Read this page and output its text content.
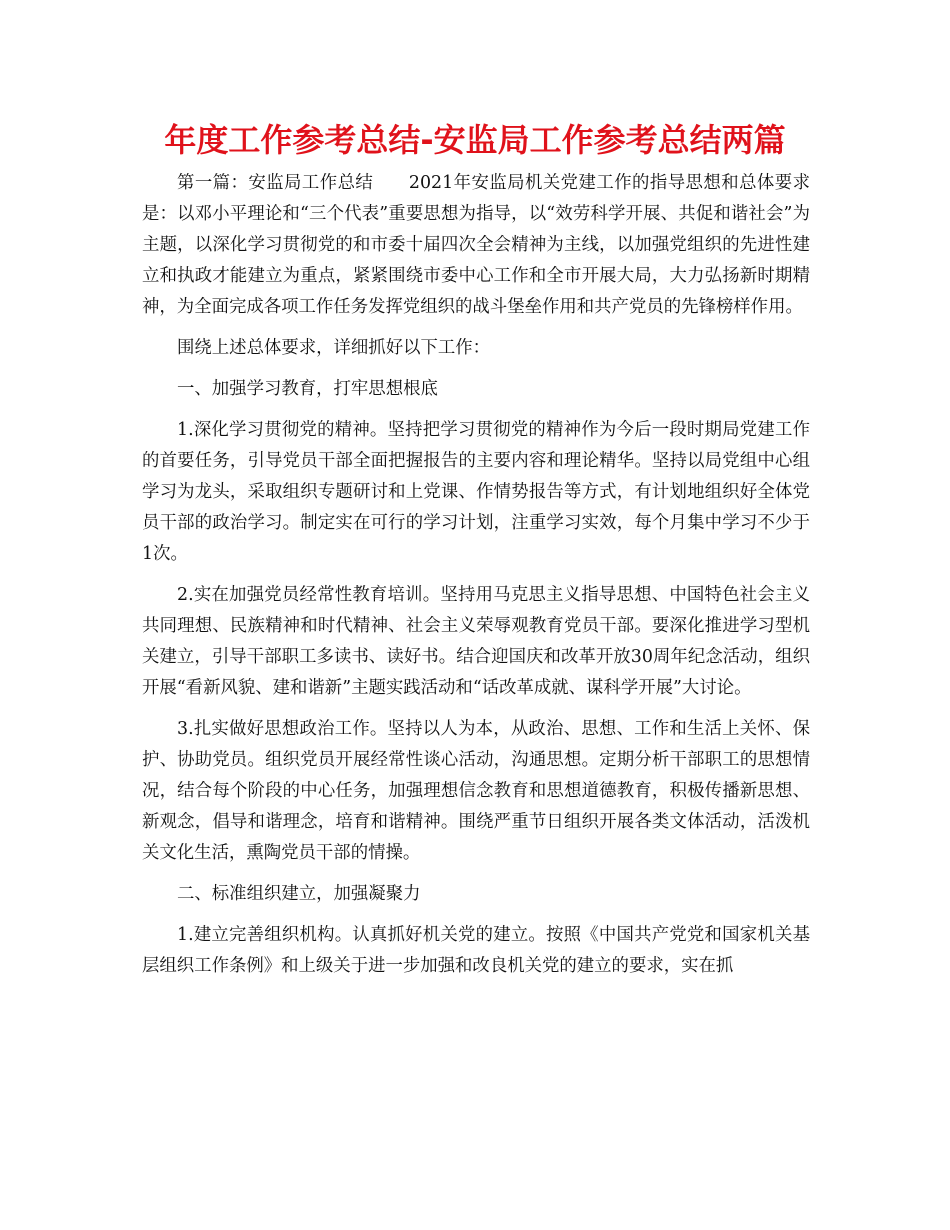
年度工作参考总结-安监局工作参考总结两篇

第一篇：安监局工作总结　　2021年安监局机关党建工作的指导思想和总体要求是：以邓小平理论和“三个代表”重要思想为指导，以“效劳科学开展、共促和谐社会”为主题，以深化学习贯彻党的和市委十届四次全会精神为主线，以加强党组织的先进性建立和执政才能建立为重点，紧紧围绕市委中心工作和全市开展大局，大力弘扬新时期精神，为全面完成各项工作任务发挥党组织的战斗堡垒作用和共产党员的先锋榜样作用。

围绕上述总体要求，详细抓好以下工作：

一、加强学习教育，打牢思想根底

1.深化学习贯彻党的精神。坚持把学习贯彻党的精神作为今后一段时期局党建工作的首要任务，引导党员干部全面把握报告的主要内容和理论精华。坚持以局党组中心组学习为龙头，采取组织专题研讨和上党课、作情势报告等方式，有计划地组织好全体党员干部的政治学习。制定实在可行的学习计划，注重学习实效，每个月集中学习不少于1次。

2.实在加强党员经常性教育培训。坚持用马克思主义指导思想、中国特色社会主义共同理想、民族精神和时代精神、社会主义荣辱观教育党员干部。要深化推进学习型机关建立，引导干部职工多读书、读好书。结合迎国庆和改革开放30周年纪念活动，组织开展“看新风貌、建和谐新”主题实践活动和“话改革成就、谋科学开展”大讨论。

3.扎实做好思想政治工作。坚持以人为本，从政治、思想、工作和生活上关怀、保护、协助党员。组织党员开展经常性谈心活动，沟通思想。定期分析干部职工的思想情况，结合每个阶段的中心任务，加强理想信念教育和思想道德教育，积极传播新思想、新观念，倡导和谐理念，培育和谐精神。围绕严重节日组织开展各类文体活动，活泼机关文化生活，熏陶党员干部的情操。

二、标准组织建立，加强凝聚力

1.建立完善组织机构。认真抓好机关党的建立。按照《中国共产党党和国家机关基层组织工作条例》和上级关于进一步加强和改良机关党的建立的要求，实在抓
